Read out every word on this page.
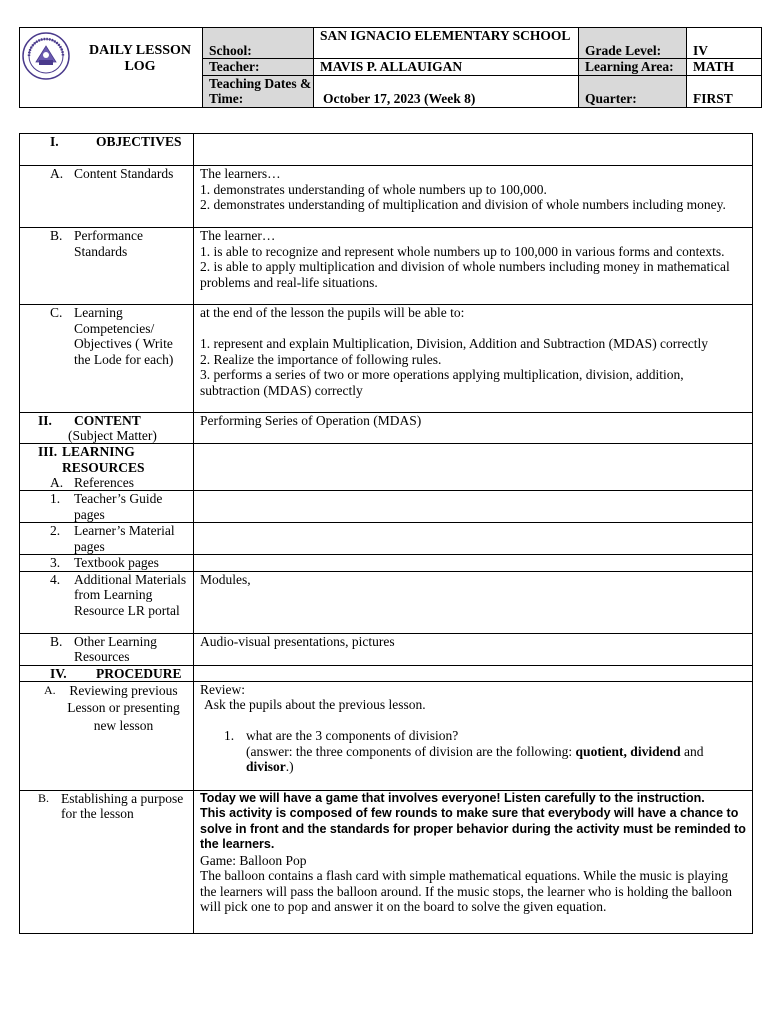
DAILY LESSON LOG	School:	SAN IGNACIO ELEMENTARY SCHOOL	Grade Level:	IV
	Teacher:	MAVIS P. ALLAUIGAN	Learning Area:	MATH
	Teaching Dates & Time:	October 17, 2023 (Week 8)	Quarter:	FIRST
I. OBJECTIVES	

A. Content Standards	The learners…
1. demonstrates understanding of whole numbers up to 100,000.
2. demonstrates understanding of multiplication and division of whole numbers including money.

B. Performance Standards	The learner…
1. is able to recognize and represent whole numbers up to 100,000 in various forms and contexts.
2. is able to apply multiplication and division of whole numbers including money in mathematical problems and real-life situations.

C. Learning Competencies/ Objectives ( Write the Lode for each)	at the end of the lesson the pupils will be able to:
1. represent and explain Multiplication, Division, Addition and Subtraction (MDAS) correctly
2. Realize the importance of following rules.
3. performs a series of two or more operations applying multiplication, division, addition, subtraction (MDAS) correctly

II. CONTENT
(Subject Matter)	Performing Series of Operation (MDAS)

III. LEARNING RESOURCES
A. References	

1. Teacher’s Guide pages	

2. Learner’s Material pages	

3. Textbook pages	

4. Additional Materials from Learning Resource LR portal	Modules,

B. Other Learning Resources	Audio-visual presentations, pictures

IV. PROCEDURE	

A. Reviewing previous Lesson or presenting new lesson	Review:
Ask the pupils about the previous lesson.
1. what are the 3 components of division?
(answer: the three components of division are the following: quotient, dividend and divisor.)

B. Establishing a purpose for the lesson	Today we will have a game that involves everyone! Listen carefully to the instruction.
This activity is composed of few rounds to make sure that everybody will have a chance to solve in front and the standards for proper behavior during the activity must be reminded to the learners.
Game: Balloon Pop
The balloon contains a flash card with simple mathematical equations. While the music is playing the learners will pass the balloon around. If the music stops, the learner who is holding the balloon will pick one to pop and answer it on the board to solve the given equation.
